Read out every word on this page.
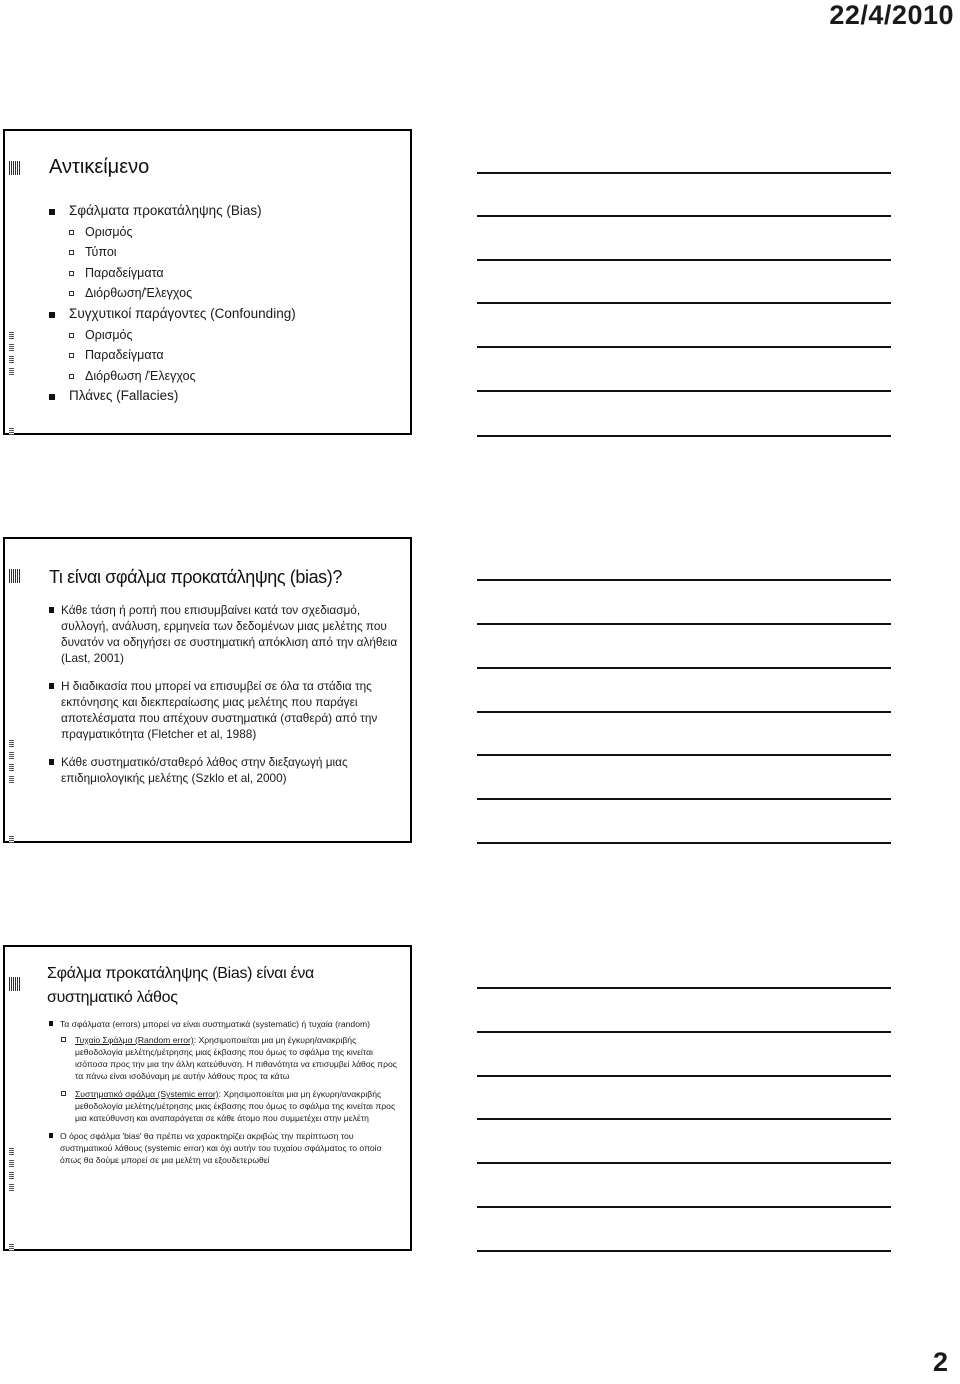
22/4/2010
Αντικείμενο
Σφάλματα προκατάληψης (Bias)
Ορισμός
Τύποι
Παραδείγματα
Διόρθωση/Έλεγχος
Συγχυτικοί παράγοντες (Confounding)
Ορισμός
Παραδείγματα
Διόρθωση /Έλεγχος
Πλάνες (Fallacies)
Τι είναι σφάλμα προκατάληψης (bias)?
Κάθε τάση ή ροπή που επισυμβαίνει κατά τον σχεδιασμό, συλλογή, ανάλυση, ερμηνεία των δεδομένων μιας μελέτης που δυνατόν να οδηγήσει σε συστηματική απόκλιση από την αλήθεια (Last, 2001)
Η διαδικασία που μπορεί να επισυμβεί σε όλα τα στάδια της εκπόνησης και διεκπεραίωσης μιας μελέτης που παράγει αποτελέσματα που απέχουν συστηματικά (σταθερά) από την πραγματικότητα (Fletcher et al, 1988)
Κάθε συστηματικό/σταθερό λάθος στην διεξαγωγή μιας επιδημιολογικής μελέτης (Szklo et al, 2000)
Σφάλμα προκατάληψης (Bias) είναι ένα
συστηματικό λάθος
Τα σφάλματα (errors) μπορεί να είναι συστηματικά (systematic) ή τυχαία (random)
Τυχαίο Σφάλμα (Random error): Χρησιμοποιείται μια μη έγκυρη/ανακριβής μεθοδολογία μελέτης/μέτρησης μιας έκβασης που όμως το σφάλμα της κινείται ισόποσα προς την μια την άλλη κατεύθυνση. Η πιθανότητα να επισυμβεί λάθος προς τα πάνω είναι ισοδύναμη με αυτήν λάθους προς τα κάτω
Συστηματικό σφάλμα (Systemic error): Χρησιμοποιείται μια μη έγκυρη/ανακριβής μεθοδολογία μελέτης/μέτρησης μιας έκβασης που όμως το σφάλμα της κινείται προς μια κατεύθυνση και αναπαράγεται σε κάθε άτομο που συμμετέχει στην μελέτη
Ο όρος σφάλμα 'bias' θα πρέπει να χαρακτηρίζει ακριβώς την περίπτωση του συστηματικού λάθους (systemic error) και όχι αυτήν του τυχαίου σφάλματος το οποίο όπως θα δούμε μπορεί σε μια μελέτη να εξουδετερωθεί
2
